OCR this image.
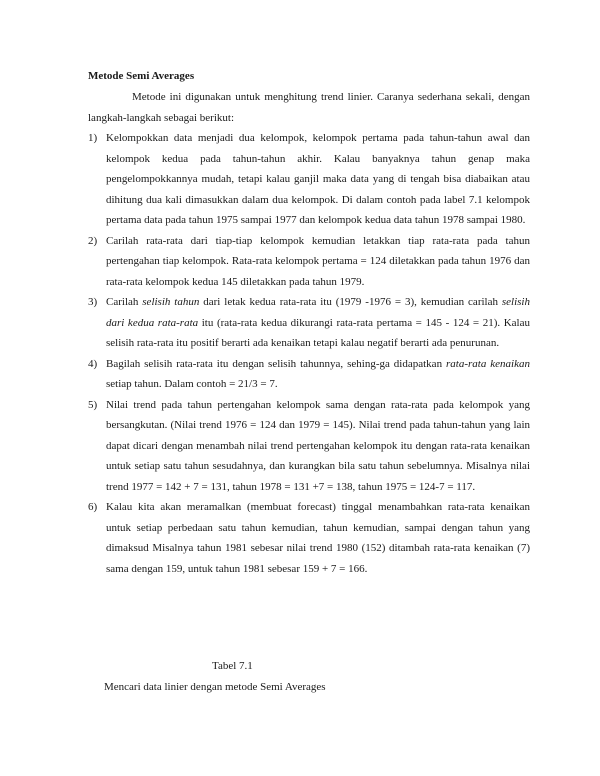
Metode Semi Averages

Metode ini digunakan untuk menghitung trend linier. Caranya sederhana sekali, dengan langkah-langkah sebagai berikut:

1) Kelompokkan data menjadi dua kelompok, kelompok pertama pada tahun-tahun awal dan kelompok kedua pada tahun-tahun akhir. Kalau banyaknya tahun genap maka pengelompokkannya mudah, tetapi kalau ganjil maka data yang di tengah bisa diabaikan atau dihitung dua kali dimasukkan dalam dua kelompok. Di dalam contoh pada label 7.1 kelompok pertama data pada tahun 1975 sampai 1977 dan kelompok kedua data tahun 1978 sampai 1980.
2) Carilah rata-rata dari tiap-tiap kelompok kemudian letakkan tiap rata-rata pada tahun pertengahan tiap kelompok. Rata-rata kelompok pertama = 124 diletakkan pada tahun 1976 dan rata-rata kelompok kedua 145 diletakkan pada tahun 1979.
3) Carilah selisih tahun dari letak kedua rata-rata itu (1979 -1976 = 3), kemudian carilah selisih dari kedua rata-rata itu (rata-rata kedua dikurangi rata-rata pertama = 145 - 124 = 21). Kalau selisih rata-rata itu positif berarti ada kenaikan tetapi kalau negatif berarti ada penurunan.
4) Bagilah selisih rata-rata itu dengan selisih tahunnya, sehing-ga didapatkan rata-rata kenaikan setiap tahun. Dalam contoh = 21/3 = 7.
5) Nilai trend pada tahun pertengahan kelompok sama dengan rata-rata pada kelompok yang bersangkutan. (Nilai trend 1976 = 124 dan 1979 = 145). Nilai trend pada tahun-tahun yang lain dapat dicari dengan menambah nilai trend pertengahan kelompok itu dengan rata-rata kenaikan untuk setiap satu tahun sesudahnya, dan kurangkan bila satu tahun sebelumnya. Misalnya nilai trend 1977 = 142 + 7 = 131, tahun 1978 = 131 +7 = 138, tahun 1975 = 124-7 = 117.
6) Kalau kita akan meramalkan (membuat forecast) tinggal menambahkan rata-rata kenaikan untuk setiap perbedaan satu tahun kemudian, tahun kemudian, sampai dengan tahun yang dimaksud Misalnya tahun 1981 sebesar nilai trend 1980 (152) ditambah rata-rata kenaikan (7) sama dengan 159, untuk tahun 1981 sebesar 159 + 7 = 166.
Tabel 7.1
Mencari data linier dengan metode Semi Averages
